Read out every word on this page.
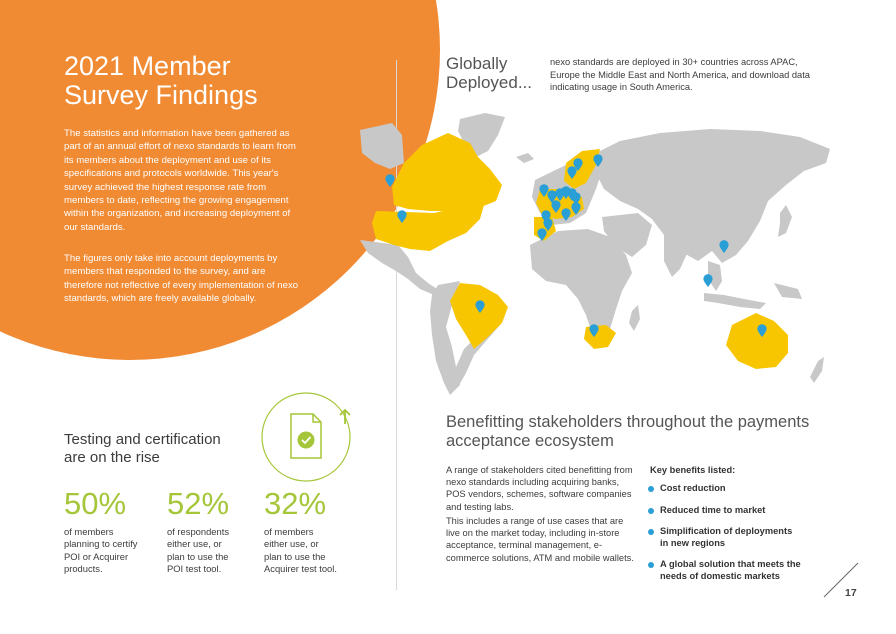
2021 Member
Survey Findings

The statistics and information have been gathered as part of an annual effort of nexo standards to learn from its members about the deployment and use of its specifications and protocols worldwide. This year's survey achieved the highest response rate from members to date, reflecting the growing engagement within the organization, and increasing deployment of our standards.

The figures only take into account deployments by members that responded to the survey, and are therefore not reflective of every implementation of nexo standards, which are freely available globally.

Globally
Deployed...

nexo standards are deployed in 30+ countries across APAC, Europe the Middle East and North America, and download data indicating usage in South America.

Testing and certification
are on the rise
50%
of members
planning to certify
POI or Acquirer
products.
52%
of respondents
either use, or
plan to use the
POI test tool.
32%
of members
either use, or
plan to use the
Acquirer test tool.
Benefitting stakeholders throughout the payments
acceptance ecosystem

A range of stakeholders cited benefitting from nexo standards including acquiring banks, POS vendors, schemes, software companies and testing labs.

This includes a range of use cases that are live on the market today, including in-store acceptance, terminal management, e-commerce solutions, ATM and mobile wallets.

Key benefits listed:

Cost reduction
Reduced time to market
Simplification of deployments
in new regions
A global solution that meets the
needs of domestic markets
17
